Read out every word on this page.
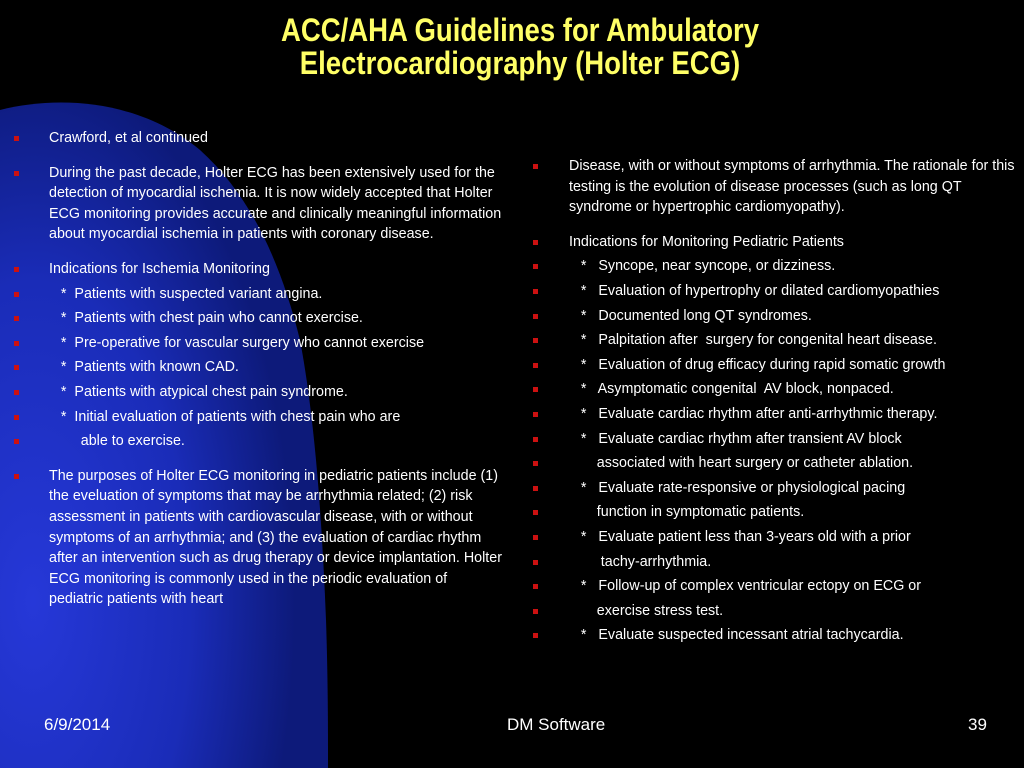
ACC/AHA Guidelines for Ambulatory
Electrocardiography (Holter ECG)
Crawford, et al continued
During the past decade, Holter ECG has been extensively used for the detection of myocardial ischemia. It is now widely accepted that Holter ECG monitoring provides accurate and clinically meaningful information about myocardial ischemia in patients with coronary disease.
Indications for Ischemia Monitoring
*  Patients with suspected variant angina.
*  Patients with chest pain who cannot exercise.
*  Pre-operative for vascular surgery who cannot exercise
*  Patients with known CAD.
*  Patients with atypical chest pain syndrome.
*  Initial evaluation of patients with chest pain who are
able to exercise.
The purposes of Holter ECG monitoring in pediatric patients include (1) the eveluation of symptoms that may be arrhythmia related; (2) risk assessment in patients with cardiovascular disease, with or without symptoms of an arrhythmia; and (3) the evaluation of cardiac rhythm after an intervention such as drug therapy or device implantation. Holter ECG monitoring is commonly used in the periodic evaluation of pediatric patients with heart
Disease, with or without symptoms of arrhythmia. The rationale for this testing is the evolution of disease processes (such as long QT syndrome or hypertrophic cardiomyopathy).
Indications for Monitoring Pediatric Patients
*   Syncope, near syncope, or dizziness.
*   Evaluation of hypertrophy or dilated cardiomyopathies
*   Documented long QT syndromes.
*   Palpitation after  surgery for congenital heart disease.
*   Evaluation of drug efficacy during rapid somatic growth
*   Asymptomatic congenital  AV block, nonpaced.
*   Evaluate cardiac rhythm after anti-arrhythmic therapy.
*   Evaluate cardiac rhythm after transient AV block
associated with heart surgery or catheter ablation.
*   Evaluate rate-responsive or physiological pacing
function in symptomatic patients.
*   Evaluate patient less than 3-years old with a prior
tachy-arrhythmia.
*   Follow-up of complex ventricular ectopy on ECG or
exercise stress test.
*   Evaluate suspected incessant atrial tachycardia.
6/9/2014	DM Software	39
